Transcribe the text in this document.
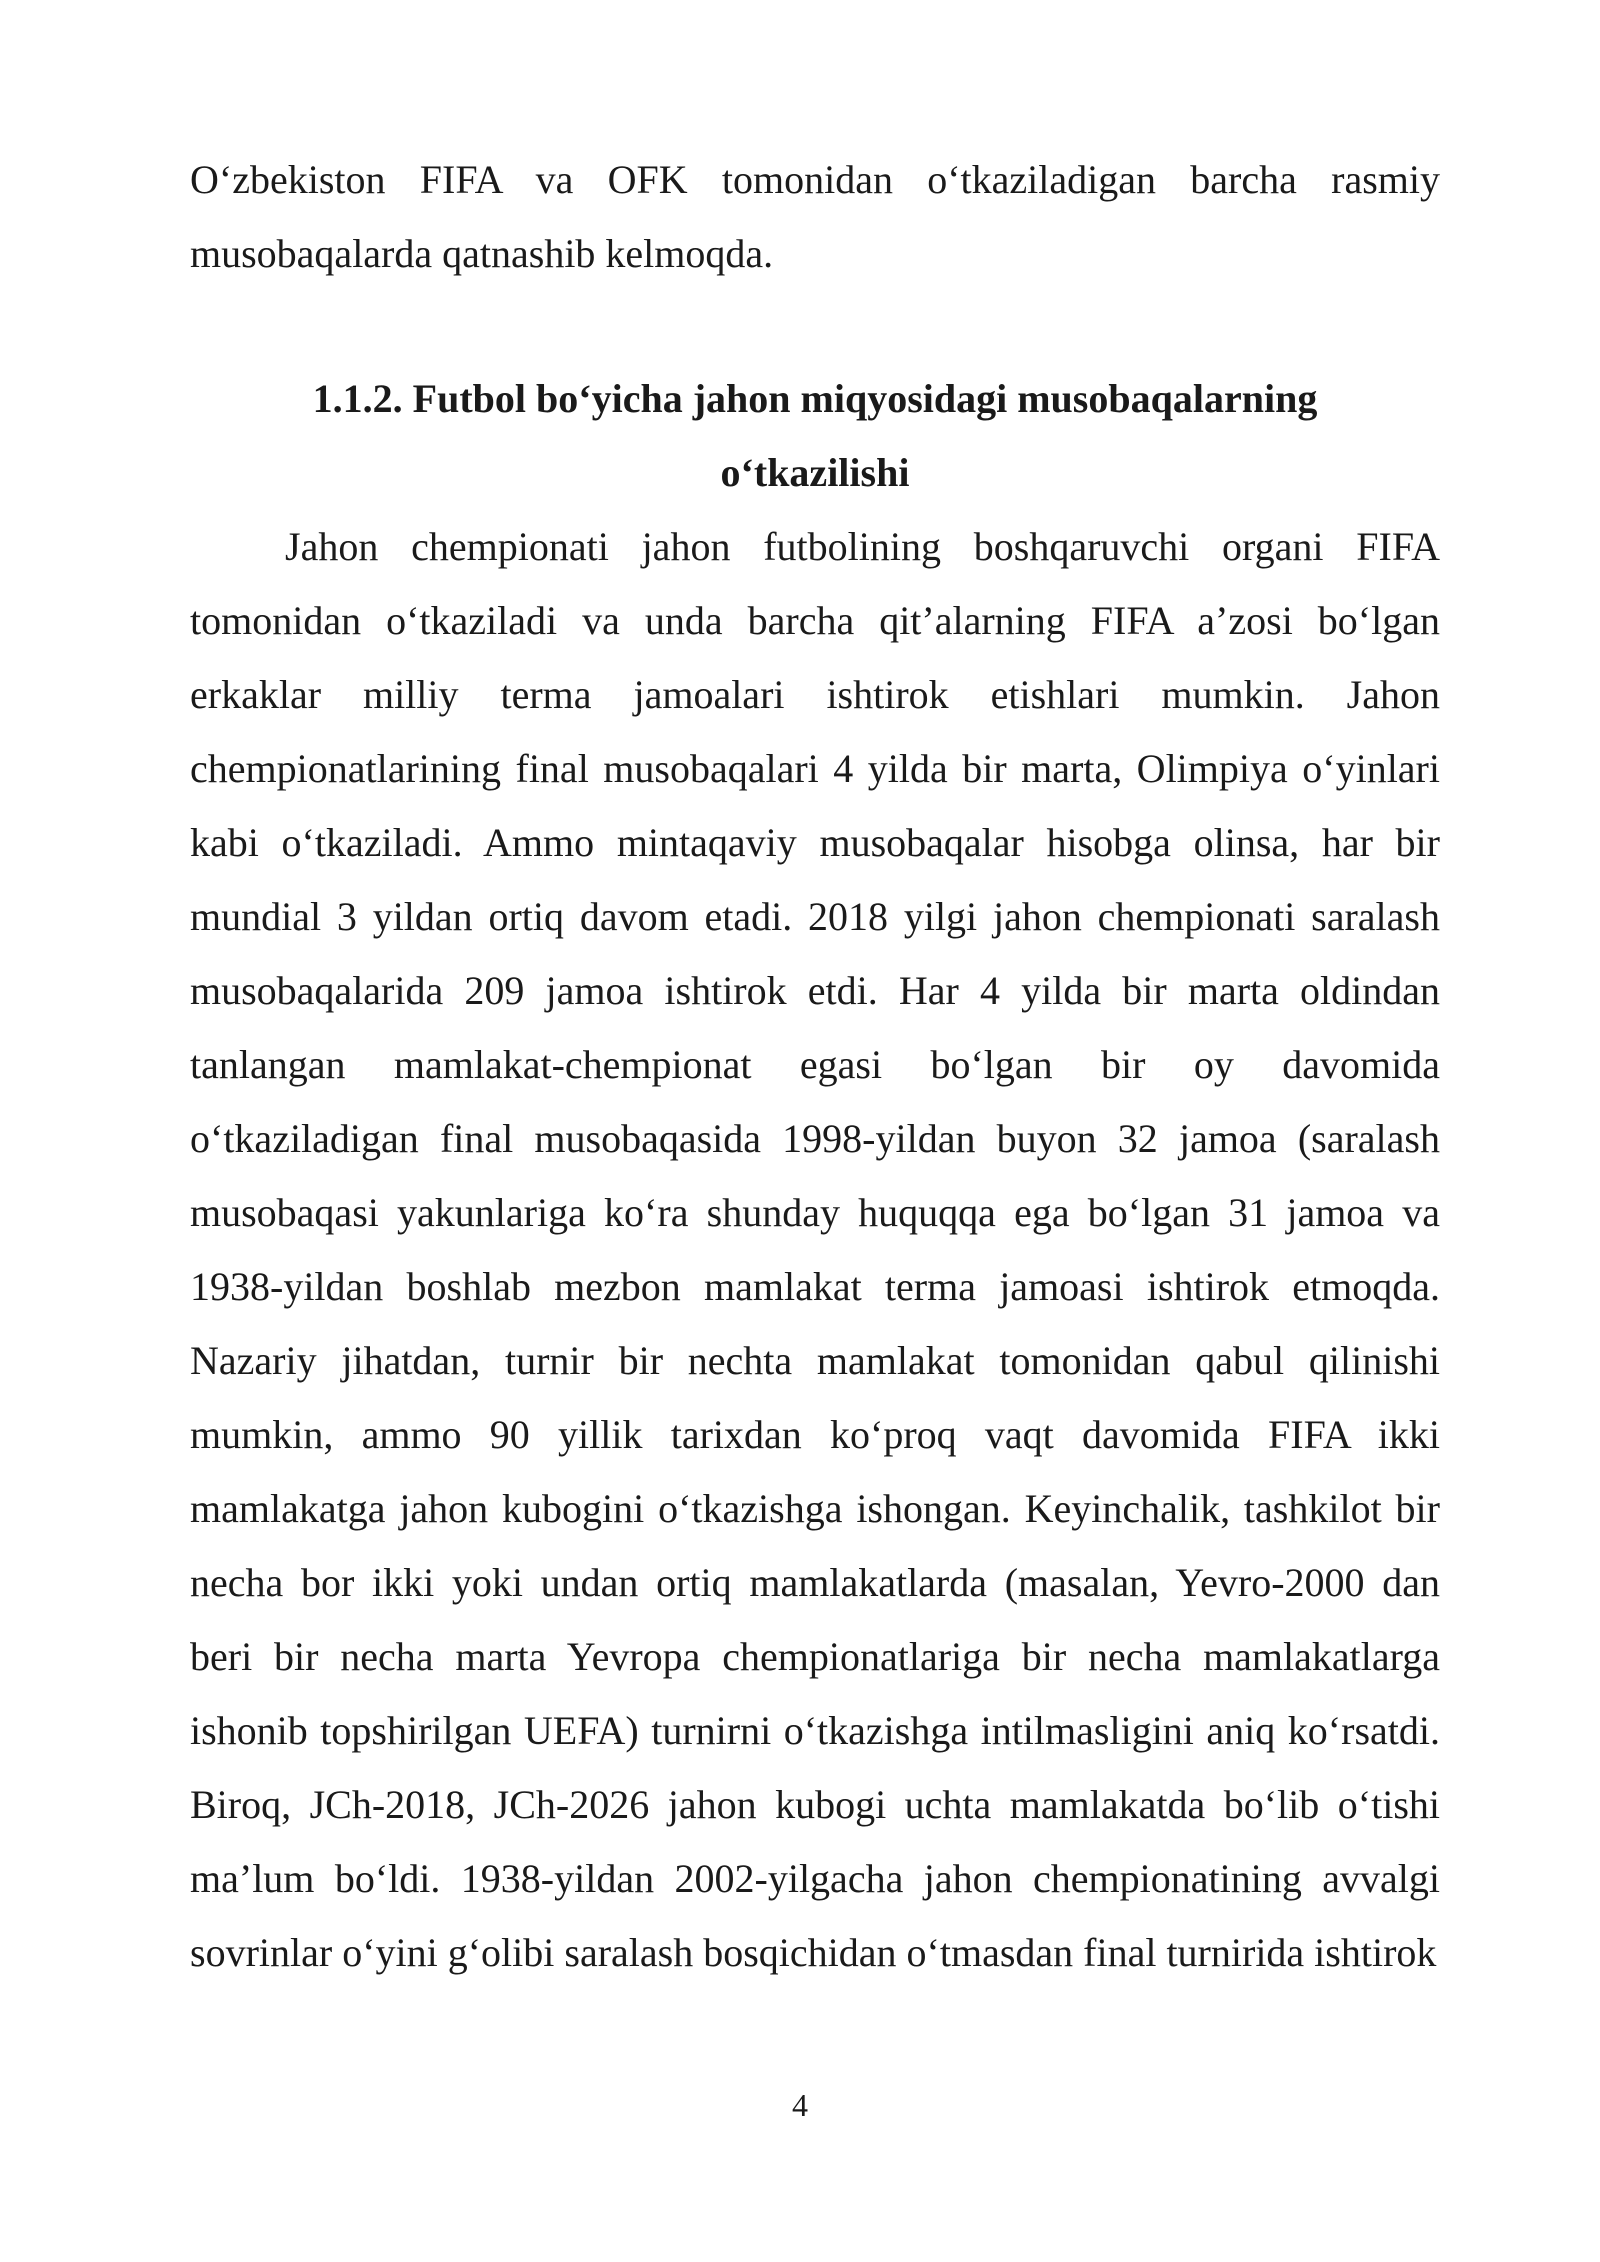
O‘zbekiston FIFA va OFK tomonidan o‘tkaziladigan barcha rasmiy musobaqalarda qatnashib kelmoqda.

1.1.2. Futbol bo‘yicha jahon miqyosidagi musobaqalarning
o‘tkazilishi

Jahon chempionati jahon futbolining boshqaruvchi organi FIFA tomonidan o‘tkaziladi va unda barcha qit’alarning FIFA a’zosi bo‘lgan erkaklar milliy terma jamoalari ishtirok etishlari mumkin. Jahon chempionatlarining final musobaqalari 4 yilda bir marta, Olimpiya o‘yinlari kabi o‘tkaziladi. Ammo mintaqaviy musobaqalar hisobga olinsa, har bir mundial 3 yildan ortiq davom etadi. 2018 yilgi jahon chempionati saralash musobaqalarida 209 jamoa ishtirok etdi. Har 4 yilda bir marta oldindan tanlangan mamlakat-chempionat egasi bo‘lgan bir oy davomida o‘tkaziladigan final musobaqasida 1998-yildan buyon 32 jamoa (saralash musobaqasi yakunlariga ko‘ra shunday huquqqa ega bo‘lgan 31 jamoa va 1938-yildan boshlab mezbon mamlakat terma jamoasi ishtirok etmoqda. Nazariy jihatdan, turnir bir nechta mamlakat tomonidan qabul qilinishi mumkin, ammo 90 yillik tarixdan ko‘proq vaqt davomida FIFA ikki mamlakatga jahon kubogini o‘tkazishga ishongan. Keyinchalik, tashkilot bir necha bor ikki yoki undan ortiq mamlakatlarda (masalan, Yevro-2000 dan beri bir necha marta Yevropa chempionatlariga bir necha mamlakatlarga ishonib topshirilgan UEFA) turnirni o‘tkazishga intilmasligini aniq ko‘rsatdi. Biroq, JCh-2018, JCh-2026 jahon kubogi uchta mamlakatda bo‘lib o‘tishi ma’lum bo‘ldi. 1938-yildan 2002-yilgacha jahon chempionatining avvalgi sovrinlar o‘yini g‘olibi saralash bosqichidan o‘tmasdan final turnirida ishtirok

4
